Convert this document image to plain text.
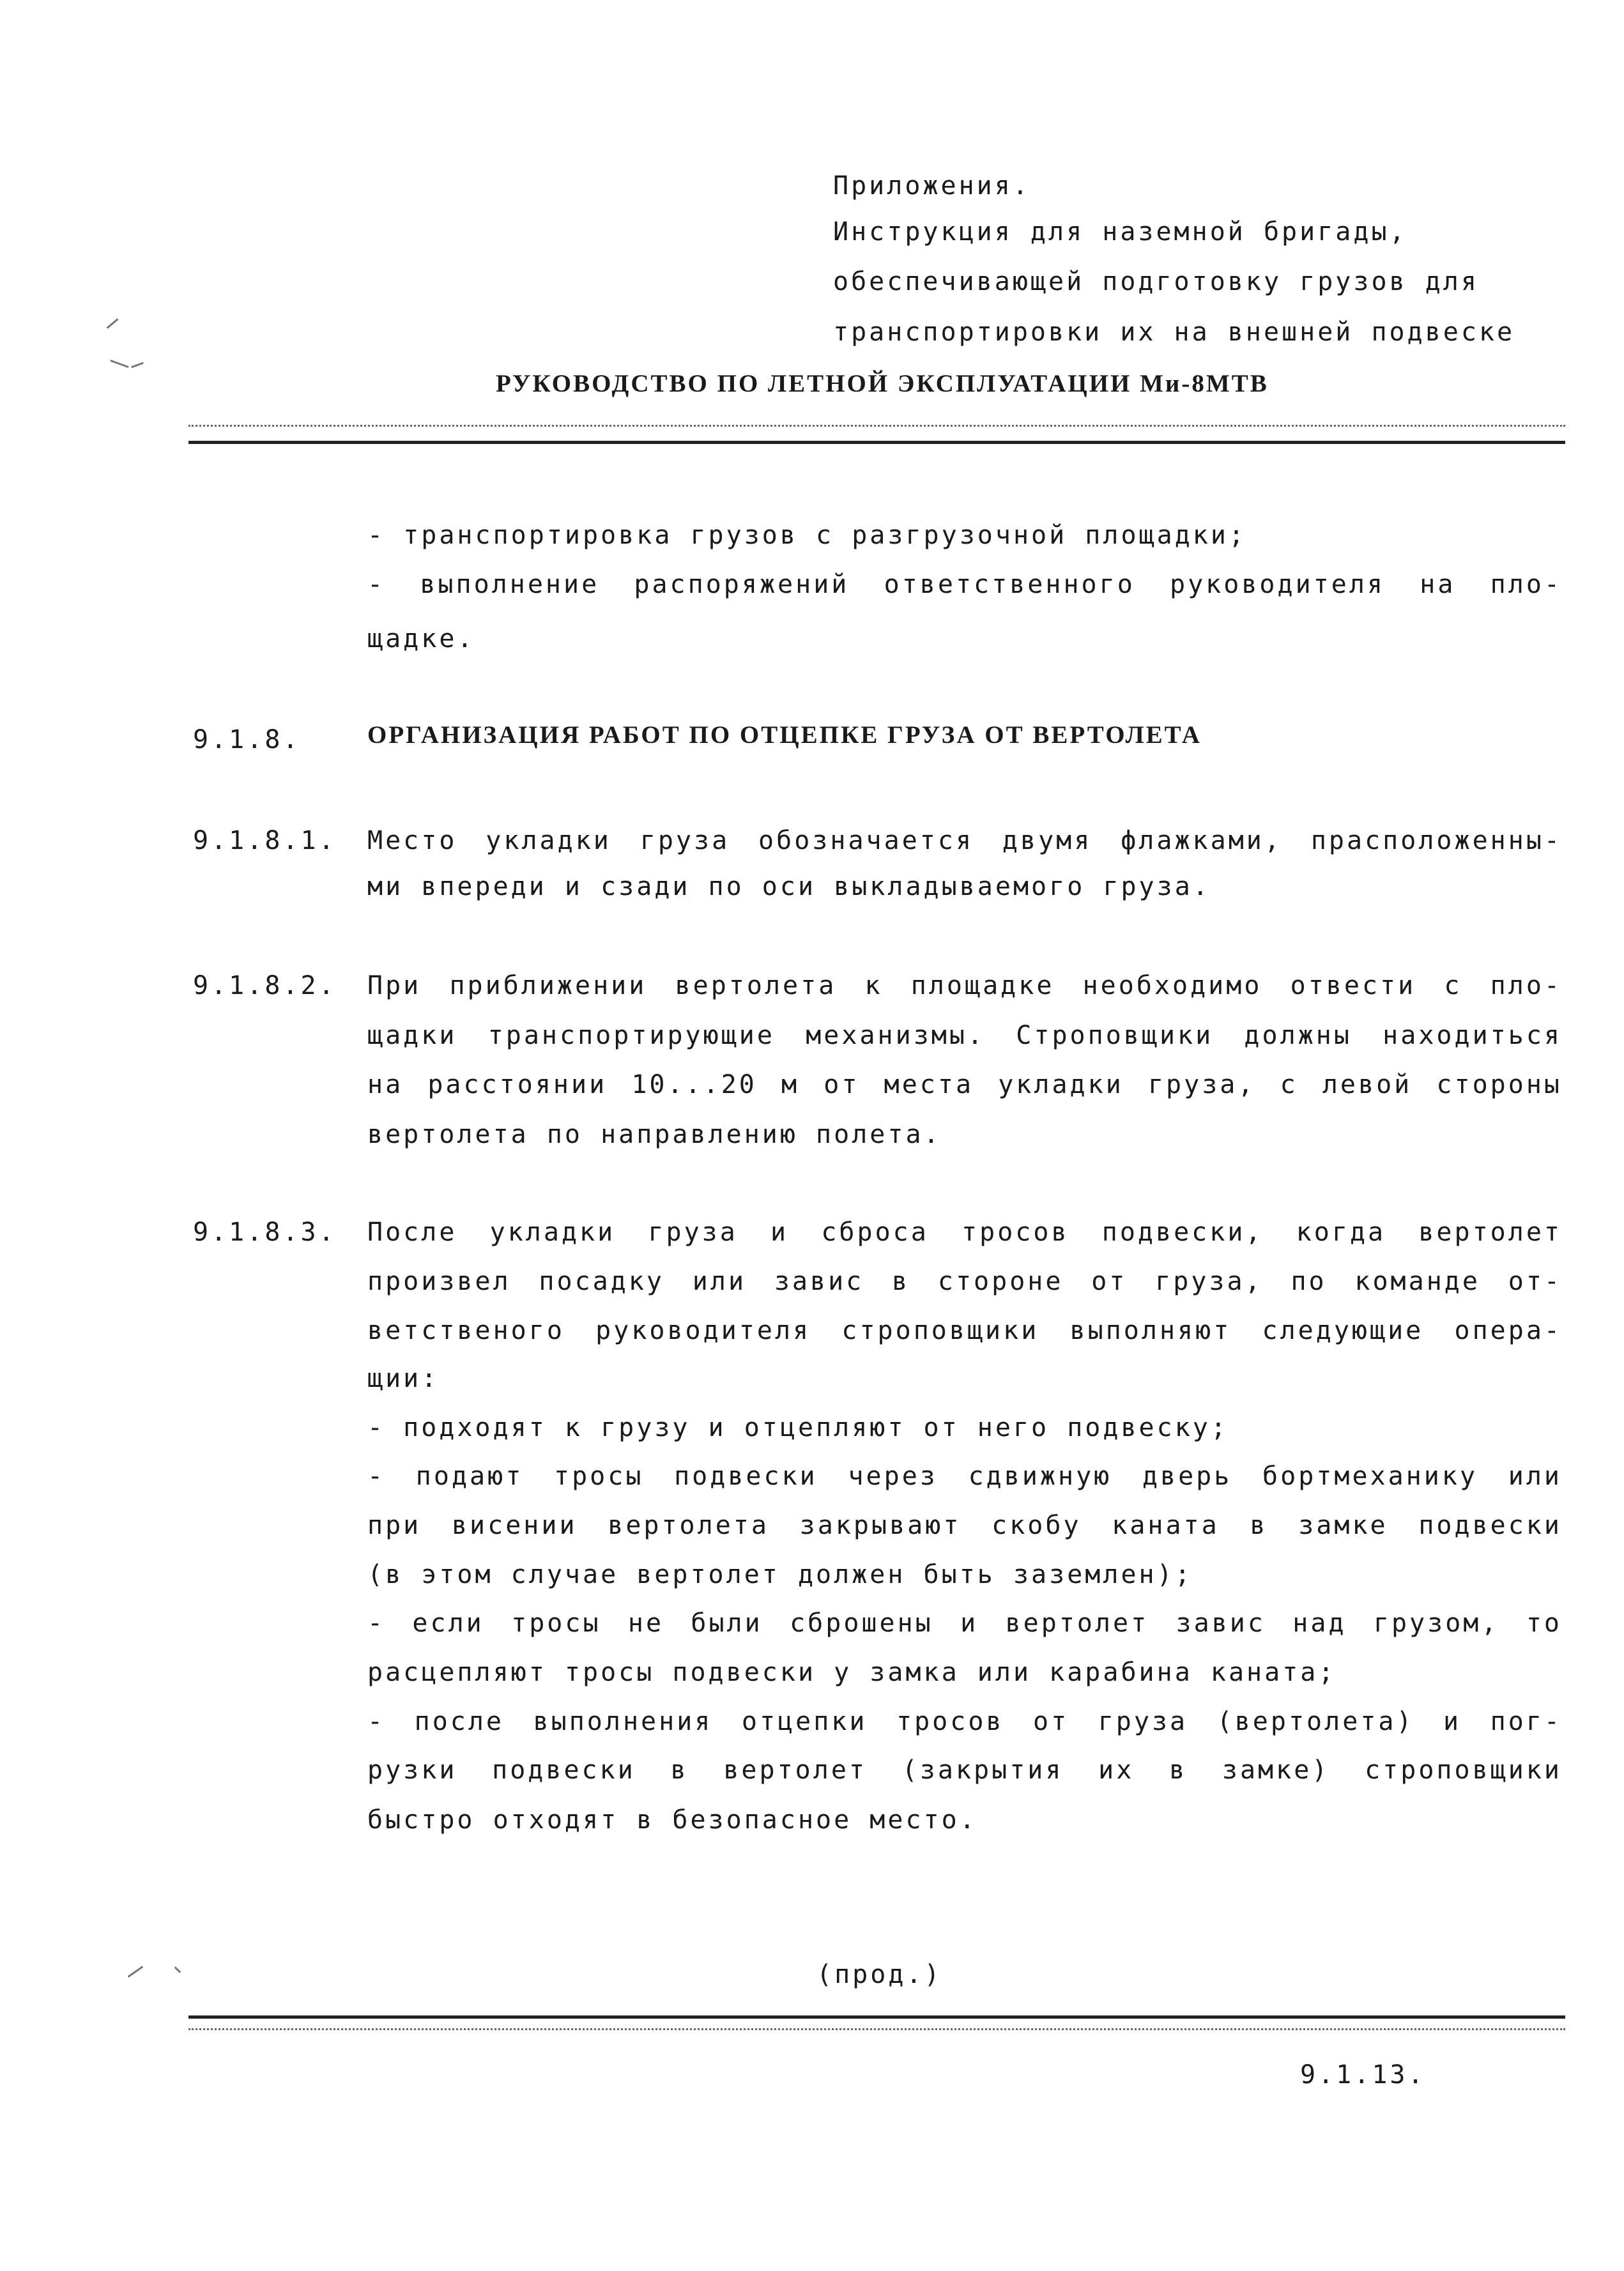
Приложения.
Инструкция для наземной бригады,
обеспечивающей подготовку грузов для
транспортировки их на внешней подвеске
РУКОВОДСТВО ПО ЛЕТНОЙ ЭКСПЛУАТАЦИИ Ми-8МТВ
- транспортировка грузов с разгрузочной площадки;
- выполнение распоряжений ответственного руководителя на пло-
щадке.
9.1.8.	ОРГАНИЗАЦИЯ РАБОТ ПО ОТЦЕПКЕ ГРУЗА ОТ ВЕРТОЛЕТА
9.1.8.1. Место укладки груза обозначается двумя флажками, прасположенны-
ми впереди и сзади по оси выкладываемого груза.
9.1.8.2. При приближении вертолета к площадке необходимо отвести с пло-
щадки транспортирующие механизмы. Строповщики должны находиться
на расстоянии 10...20 м от места укладки груза, с левой стороны
вертолета по направлению полета.
9.1.8.3. После укладки груза и сброса тросов подвески, когда вертолет
произвел посадку или завис в стороне от груза, по команде от-
ветственого руководителя строповщики выполняют следующие опера-
щии:
- подходят к грузу и отцепляют от него подвеску;
- подают тросы подвески через сдвижную дверь бортмеханику или
при висении вертолета закрывают скобу каната в замке подвески
(в этом случае вертолет должен быть заземлен);
- если тросы не были сброшены и вертолет завис над грузом, то
расцепляют тросы подвески у замка или карабина каната;
- после выполнения отцепки тросов от груза (вертолета) и пог-
рузки подвески в вертолет (закрытия их в замке) строповщики
быстро отходят в безопасное место.
(прод.)
9.1.13.
